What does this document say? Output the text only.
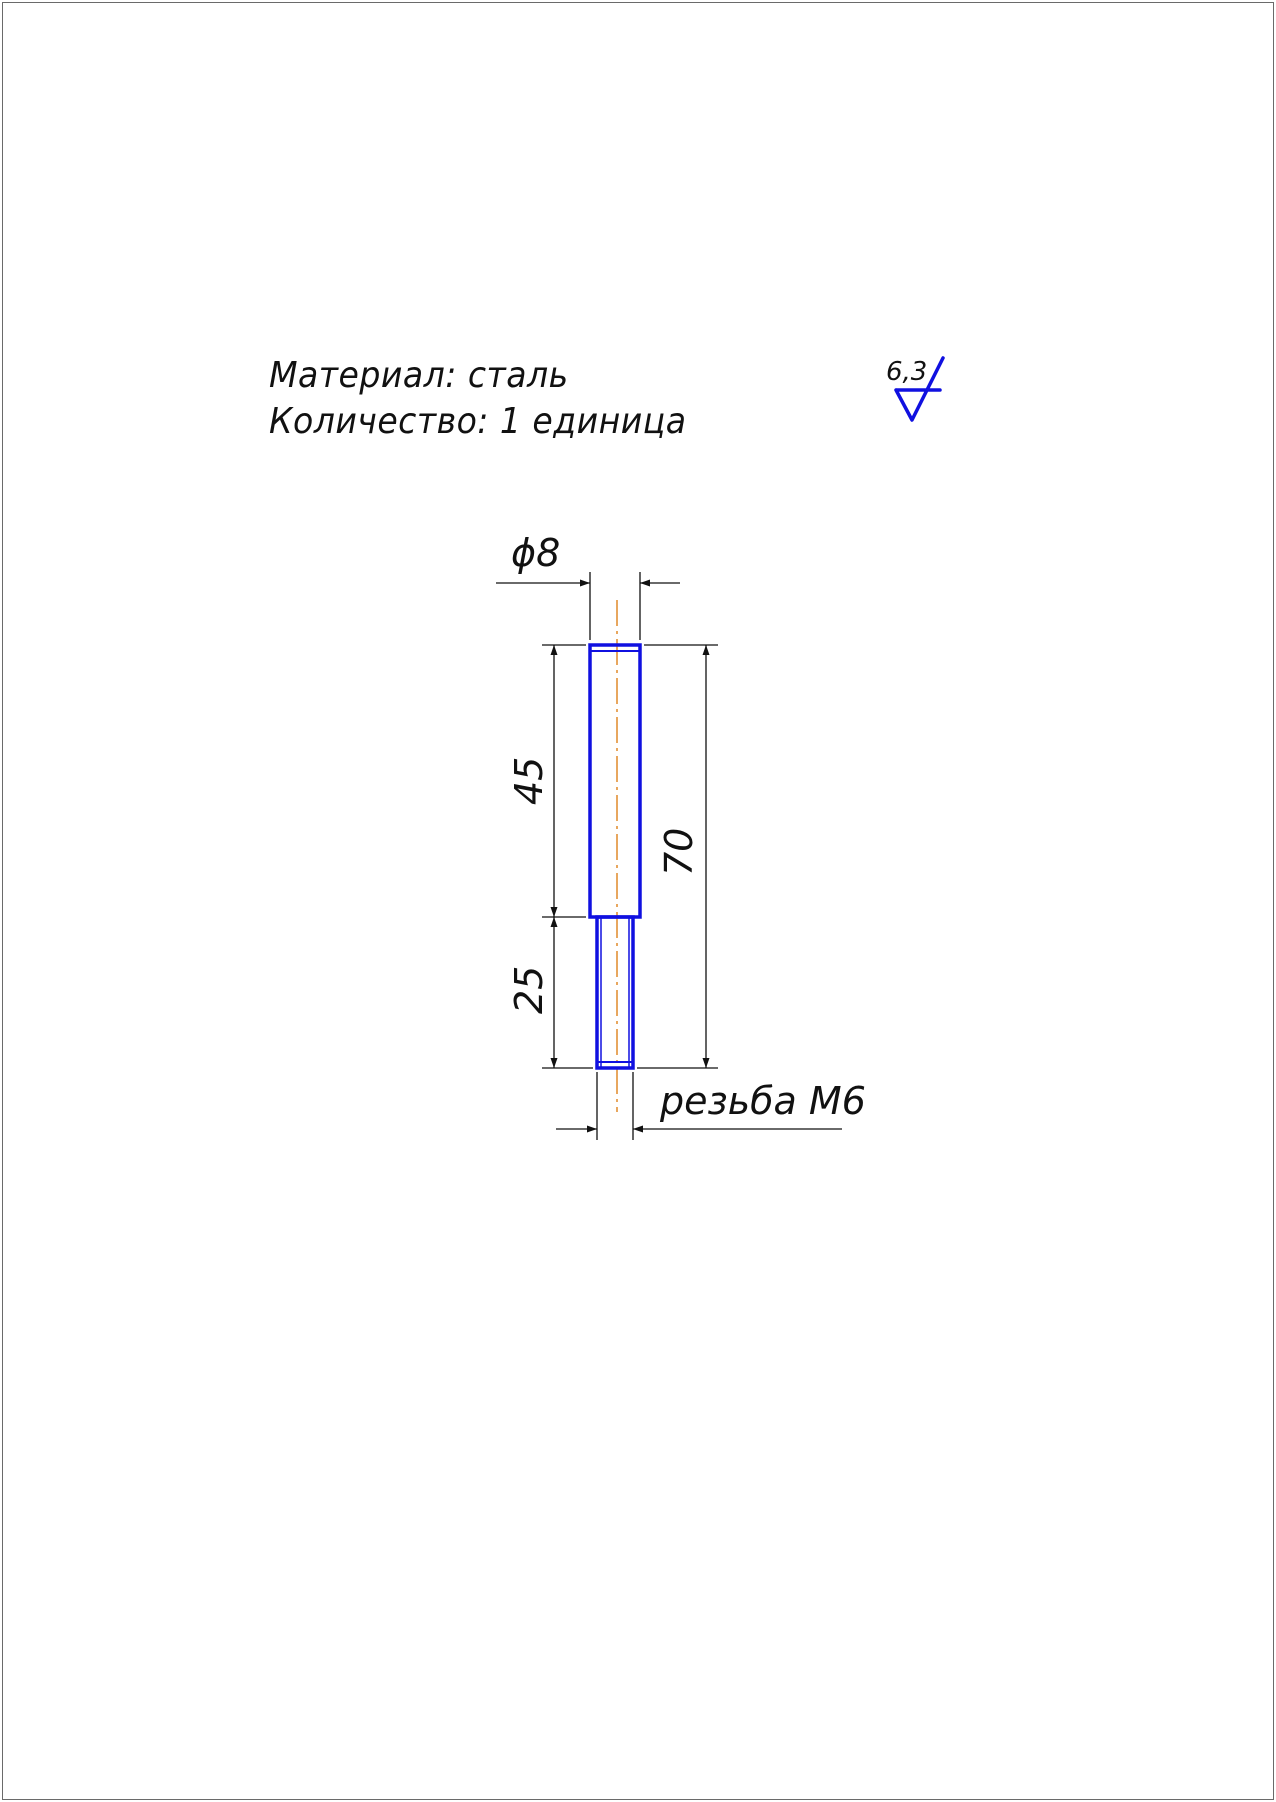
Материал: сталь
Количество: 1 единица
6,3
ϕ8
45
25
70
резьба М6
